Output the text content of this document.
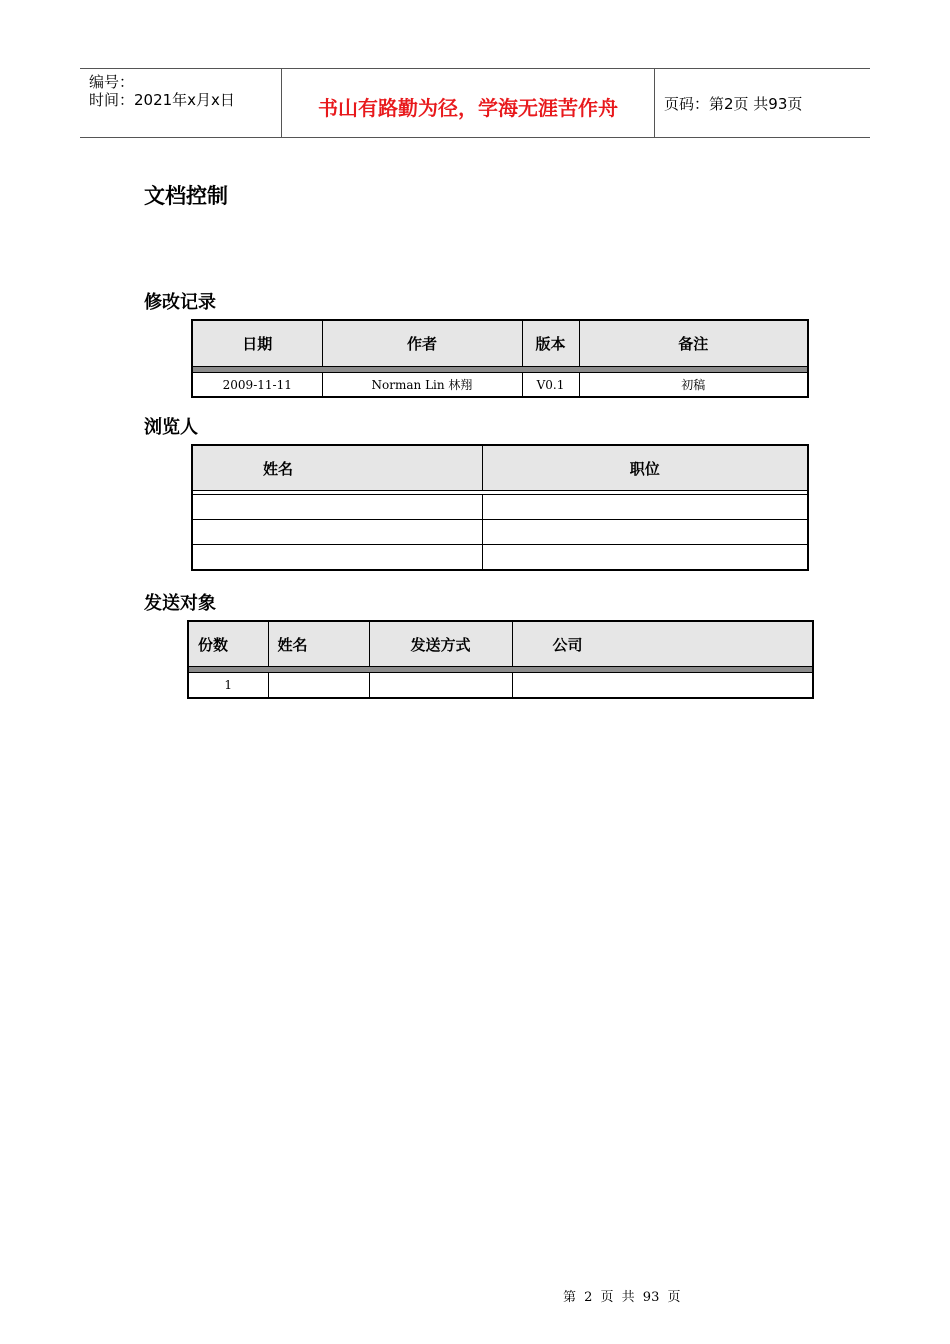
编号：
时间：2021年x月x日	书山有路勤为径，学海无涯苦作舟	页码：第2页 共93页
文档控制
修改记录
日期	作者	版本	备注

2009-11-11	Norman Lin 林翔	V0.1	初稿
浏览人
姓名	职位

发送对象
份数	姓名	发送方式	公司

1			
第 2 页 共 93 页
